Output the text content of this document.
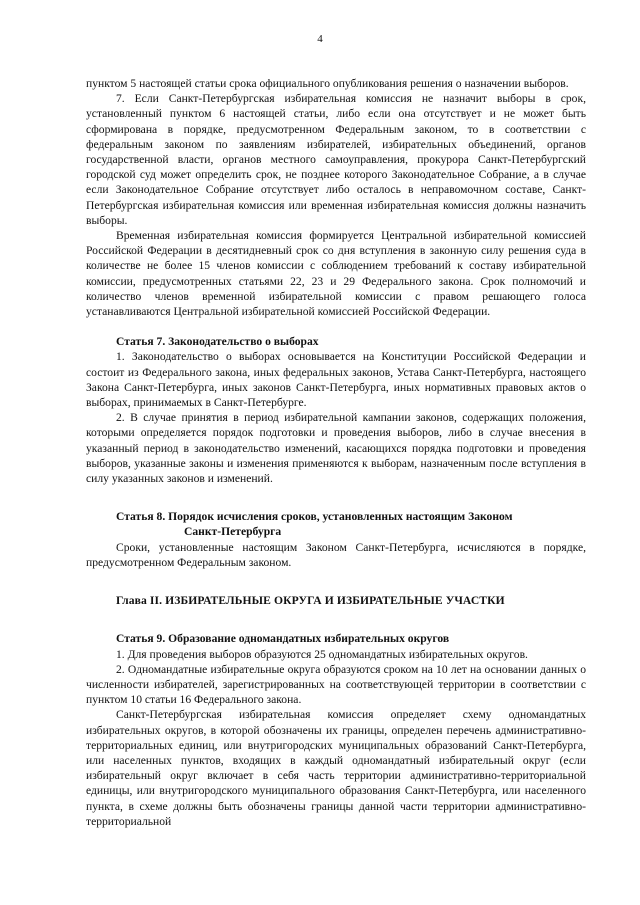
4

пунктом 5 настоящей статьи срока официального опубликования решения о назначении выборов.

7. Если Санкт-Петербургская избирательная комиссия не назначит выборы в срок, установленный пунктом 6 настоящей статьи, либо если она отсутствует и не может быть сформирована в порядке, предусмотренном Федеральным законом, то в соответствии с федеральным законом по заявлениям избирателей, избирательных объединений, органов государственной власти, органов местного самоуправления, прокурора Санкт-Петербургский городской суд может определить срок, не позднее которого Законодательное Собрание, а в случае если Законодательное Собрание отсутствует либо осталось в неправомочном составе, Санкт-Петербургская избирательная комиссия или временная избирательная комиссия должны назначить выборы.

Временная избирательная комиссия формируется Центральной избирательной комиссией Российской Федерации в десятидневный срок со дня вступления в законную силу решения суда в количестве не более 15 членов комиссии с соблюдением требований к составу избирательной комиссии, предусмотренных статьями 22, 23 и 29 Федерального закона. Срок полномочий и количество членов временной избирательной комиссии с правом решающего голоса устанавливаются Центральной избирательной комиссией Российской Федерации.

Статья 7. Законодательство о выборах

1. Законодательство о выборах основывается на Конституции Российской Федерации и состоит из Федерального закона, иных федеральных законов, Устава Санкт-Петербурга, настоящего Закона Санкт-Петербурга, иных законов Санкт-Петербурга, иных нормативных правовых актов о выборах, принимаемых в Санкт-Петербурге.

2. В случае принятия в период избирательной кампании законов, содержащих положения, которыми определяется порядок подготовки и проведения выборов, либо в случае внесения в указанный период в законодательство изменений, касающихся порядка подготовки и проведения выборов, указанные законы и изменения применяются к выборам, назначенным после вступления в силу указанных законов и изменений.

Статья 8. Порядок исчисления сроков, установленных настоящим Законом
Санкт-Петербурга

Сроки, установленные настоящим Законом Санкт-Петербурга, исчисляются в порядке, предусмотренном Федеральным законом.

Глава II. ИЗБИРАТЕЛЬНЫЕ ОКРУГА И ИЗБИРАТЕЛЬНЫЕ УЧАСТКИ

Статья 9. Образование одномандатных избирательных округов

1. Для проведения выборов образуются 25 одномандатных избирательных округов.

2. Одномандатные избирательные округа образуются сроком на 10 лет на основании данных о численности избирателей, зарегистрированных на соответствующей территории в соответствии с пунктом 10 статьи 16 Федерального закона.

Санкт-Петербургская избирательная комиссия определяет схему одномандатных избирательных округов, в которой обозначены их границы, определен перечень административно-территориальных единиц, или внутригородских муниципальных образований Санкт-Петербурга, или населенных пунктов, входящих в каждый одномандатный избирательный округ (если избирательный округ включает в себя часть территории административно-территориальной единицы, или внутригородского муниципального образования Санкт-Петербурга, или населенного пункта, в схеме должны быть обозначены границы данной части территории административно-территориальной
